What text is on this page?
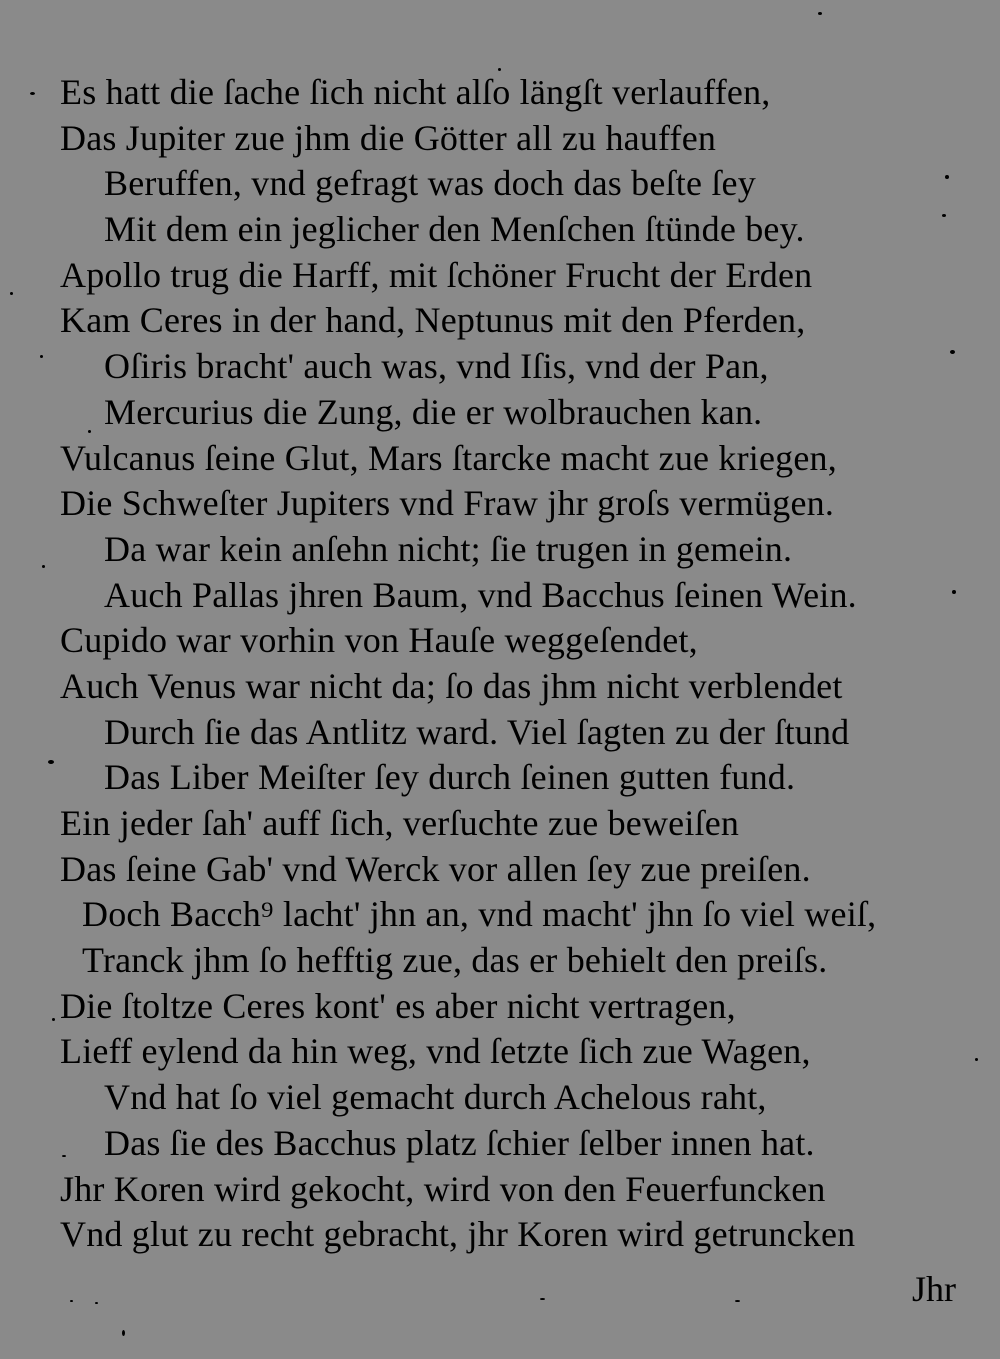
Es hatt die ſache ſich nicht alſo längſt verlauffen,
Das Jupiter zue jhm die Götter all zu hauffen
Beruffen, vnd gefragt was doch das beſte ſey
Mit dem ein jeglicher den Menſchen ſtünde bey.
Apollo trug die Harff, mit ſchöner Frucht der Erden
Kam Ceres in der hand, Neptunus mit den Pferden,
Oſiris bracht' auch was, vnd Iſis, vnd der Pan,
Mercurius die Zung, die er wolbrauchen kan.
Vulcanus ſeine Glut, Mars ſtarcke macht zue kriegen,
Die Schweſter Jupiters vnd Fraw jhr groſs vermügen.
Da war kein anſehn nicht; ſie trugen in gemein.
Auch Pallas jhren Baum, vnd Bacchus ſeinen Wein.
Cupido war vorhin von Hauſe weggeſendet,
Auch Venus war nicht da; ſo das jhm nicht verblendet
Durch ſie das Antlitz ward. Viel ſagten zu der ſtund
Das Liber Meiſter ſey durch ſeinen gutten fund.
Ein jeder ſah' auff ſich, verſuchte zue beweiſen
Das ſeine Gab' vnd Werck vor allen ſey zue preiſen.
Doch Bacch⁹ lacht' jhn an, vnd macht' jhn ſo viel weiſ,
Tranck jhm ſo hefftig zue, das er behielt den preiſs.
Die ſtoltze Ceres kont' es aber nicht vertragen,
Lieff eylend da hin weg, vnd ſetzte ſich zue Wagen,
Vnd hat ſo viel gemacht durch Achelous raht,
Das ſie des Bacchus platz ſchier ſelber innen hat.
Jhr Koren wird gekocht, wird von den Feuerfuncken
Vnd glut zu recht gebracht, jhr Koren wird getruncken
Jhr
